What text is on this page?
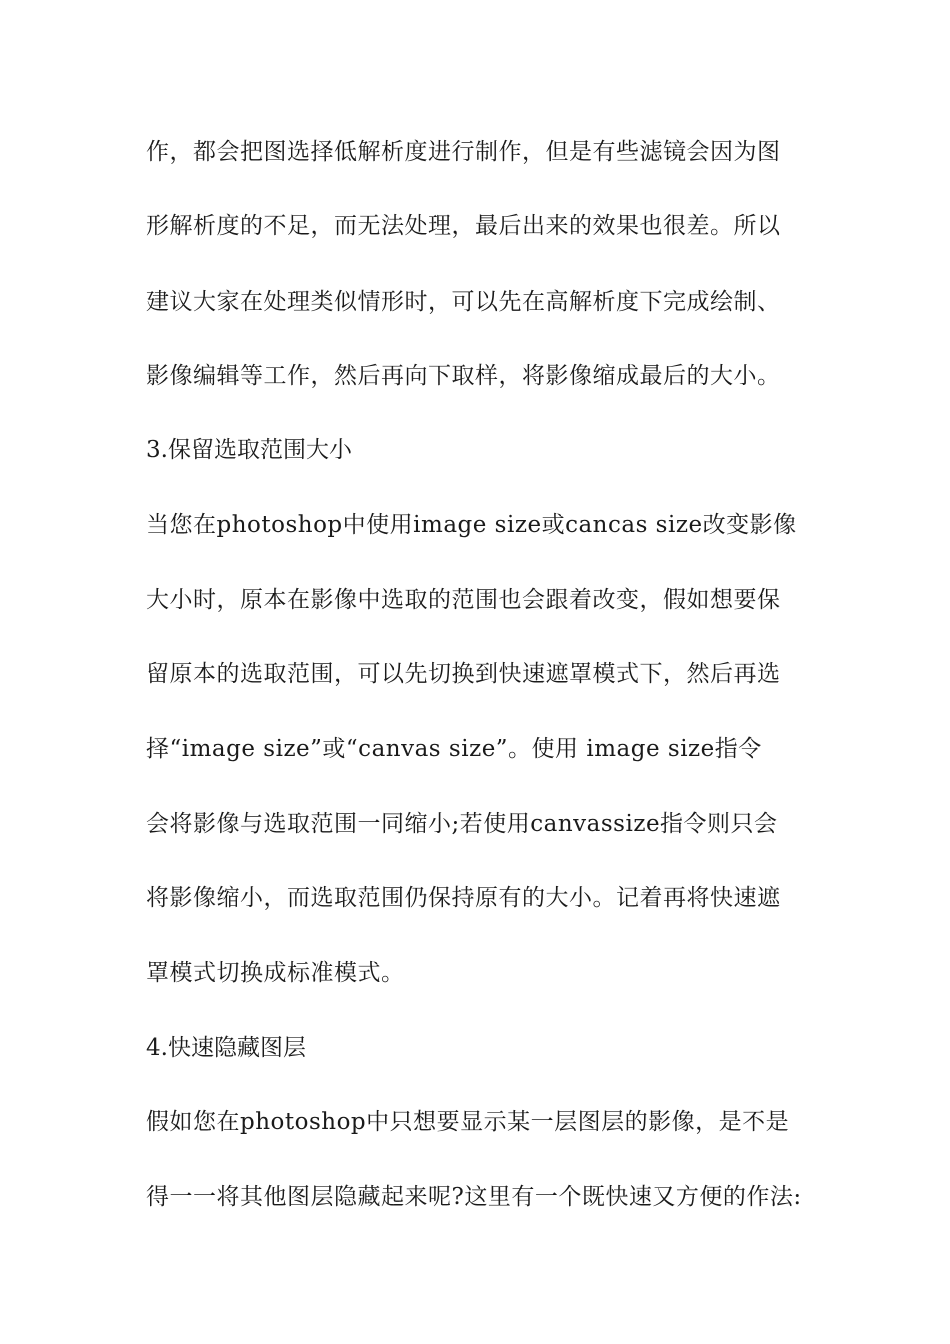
作，都会把图选择低解析度进行制作，但是有些滤镜会因为图
形解析度的不足，而无法处理，最后出来的效果也很差。所以
建议大家在处理类似情形时，可以先在高解析度下完成绘制、
影像编辑等工作，然后再向下取样，将影像缩成最后的大小。
3.保留选取范围大小
当您在photoshop中使用image size或cancas size改变影像
大小时，原本在影像中选取的范围也会跟着改变，假如想要保
留原本的选取范围，可以先切换到快速遮罩模式下，然后再选
择“image size”或“canvas size”。使用 image size指令
会将影像与选取范围一同缩小;若使用canvassize指令则只会
将影像缩小，而选取范围仍保持原有的大小。记着再将快速遮
罩模式切换成标准模式。
4.快速隐藏图层
假如您在photoshop中只想要显示某一层图层的影像，是不是
得一一将其他图层隐藏起来呢?这里有一个既快速又方便的作法:
